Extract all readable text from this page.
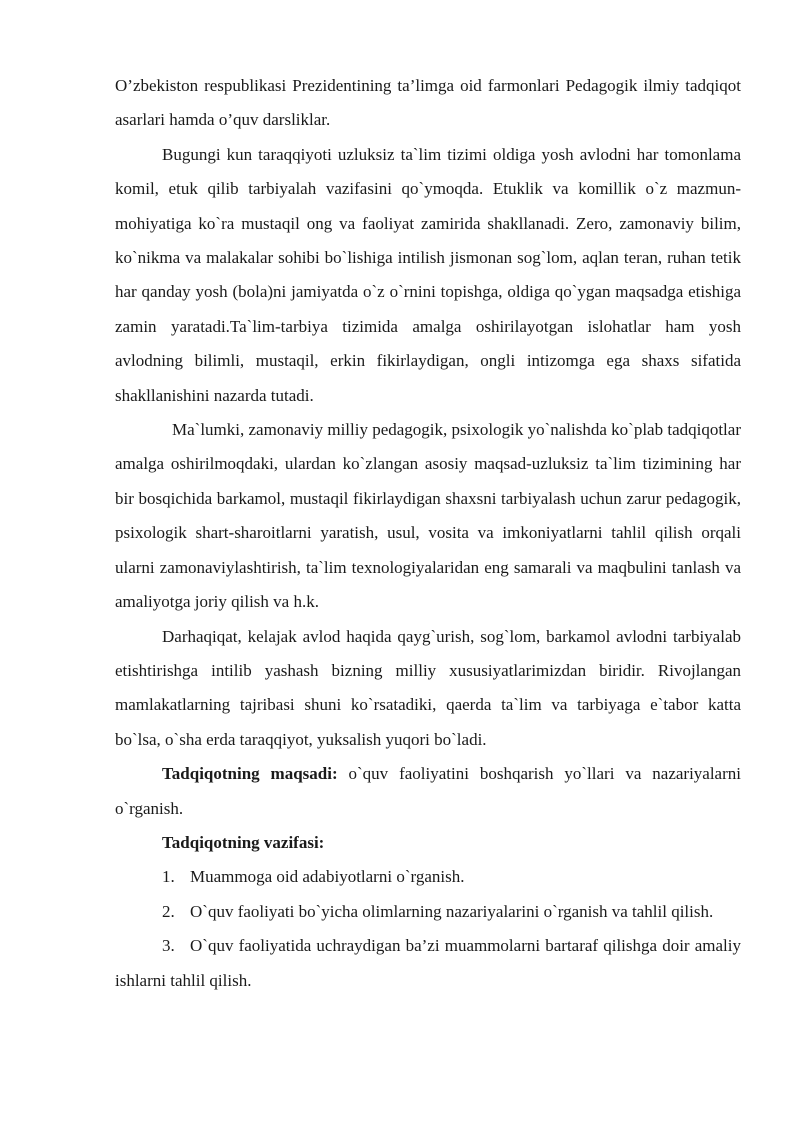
O’zbekiston respublikasi Prezidentining ta’limga oid farmonlari Pedagogik ilmiy tadqiqot asarlari hamda o’quv darsliklar.

Bugungi kun taraqqiyoti uzluksiz ta`lim tizimi oldiga yosh avlodni har tomonlama komil, etuk qilib tarbiyalah vazifasini qo`ymoqda. Etuklik va komillik o`z mazmun-mohiyatiga ko`ra mustaqil ong va faoliyat zamirida shakllanadi. Zero, zamonaviy bilim, ko`nikma va malakalar sohibi bo`lishiga intilish jismonan sog`lom, aqlan teran, ruhan tetik har qanday yosh (bola)ni jamiyatda o`z o`rnini topishga, oldiga qo`ygan maqsadga etishiga zamin yaratadi.Ta`lim-tarbiya tizimida amalga oshirilayotgan islohatlar ham yosh avlodning bilimli, mustaqil, erkin fikirlaydigan, ongli intizomga ega shaxs sifatida shakllanishini nazarda tutadi.

Ma`lumki, zamonaviy milliy pedagogik, psixologik yo`nalishda ko`plab tadqiqotlar amalga oshirilmoqdaki, ulardan ko`zlangan asosiy maqsad-uzluksiz ta`lim tizimining har bir bosqichida barkamol, mustaqil fikirlaydigan shaxsni tarbiyalash uchun zarur pedagogik, psixologik shart-sharoitlarni yaratish, usul, vosita va imkoniyatlarni tahlil qilish orqali ularni zamonaviylashtirish, ta`lim texnologiyalaridan eng samarali va maqbulini tanlash va amaliyotga joriy qilish va h.k.

Darhaqiqat, kelajak avlod haqida qayg`urish, sog`lom, barkamol avlodni tarbiyalab etishtirishga intilib yashash bizning milliy xususiyatlarimizdan biridir. Rivojlangan mamlakatlarning tajribasi shuni ko`rsatadiki, qaerda ta`lim va tarbiyaga e`tabor katta bo`lsa, o`sha erda taraqqiyot, yuksalish yuqori bo`ladi.

Tadqiqotning maqsadi: o`quv faoliyatini boshqarish yo`llari va nazariyalarni o`rganish.

Tadqiqotning vazifasi:

1. Muammoga oid adabiyotlarni o`rganish.

2. O`quv faoliyati bo`yicha olimlarning nazariyalarini o`rganish va tahlil qilish.

3. O`quv faoliyatida uchraydigan ba’zi muammolarni bartaraf qilishga doir amaliy ishlarni tahlil qilish.
